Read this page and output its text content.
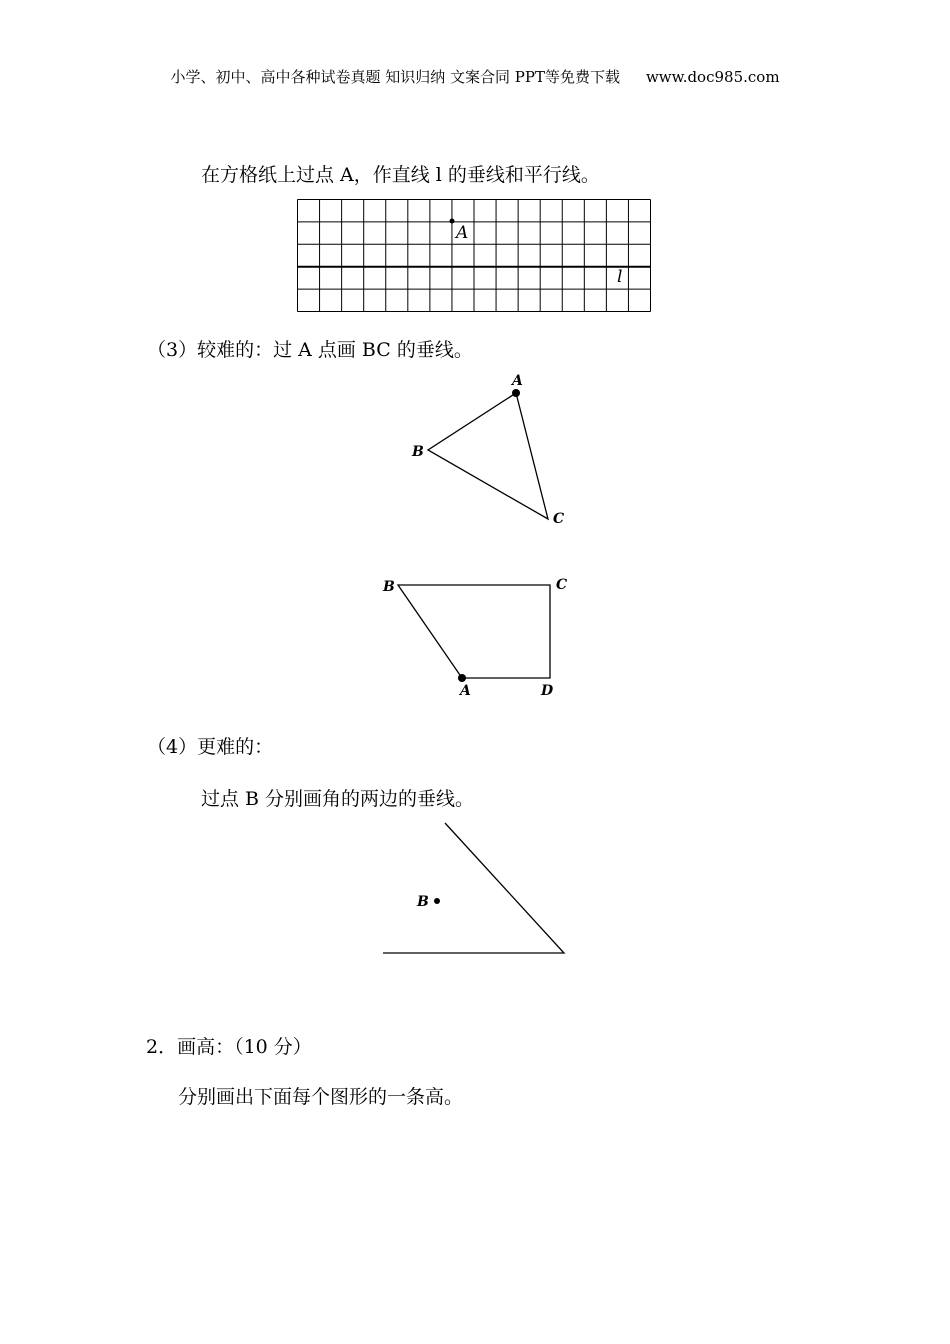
小学、初中、高中各种试卷真题 知识归纳 文案合同 PPT等免费下载 www.doc985.com
在方格纸上过点 A，作直线 l 的垂线和平行线。
A
l
（3）较难的：过 A 点画 BC 的垂线。
A
B
C
B	C
A	D
（4）更难的：
过点 B 分别画角的两边的垂线。
B
2．画高：（10 分）
分别画出下面每个图形的一条高。
